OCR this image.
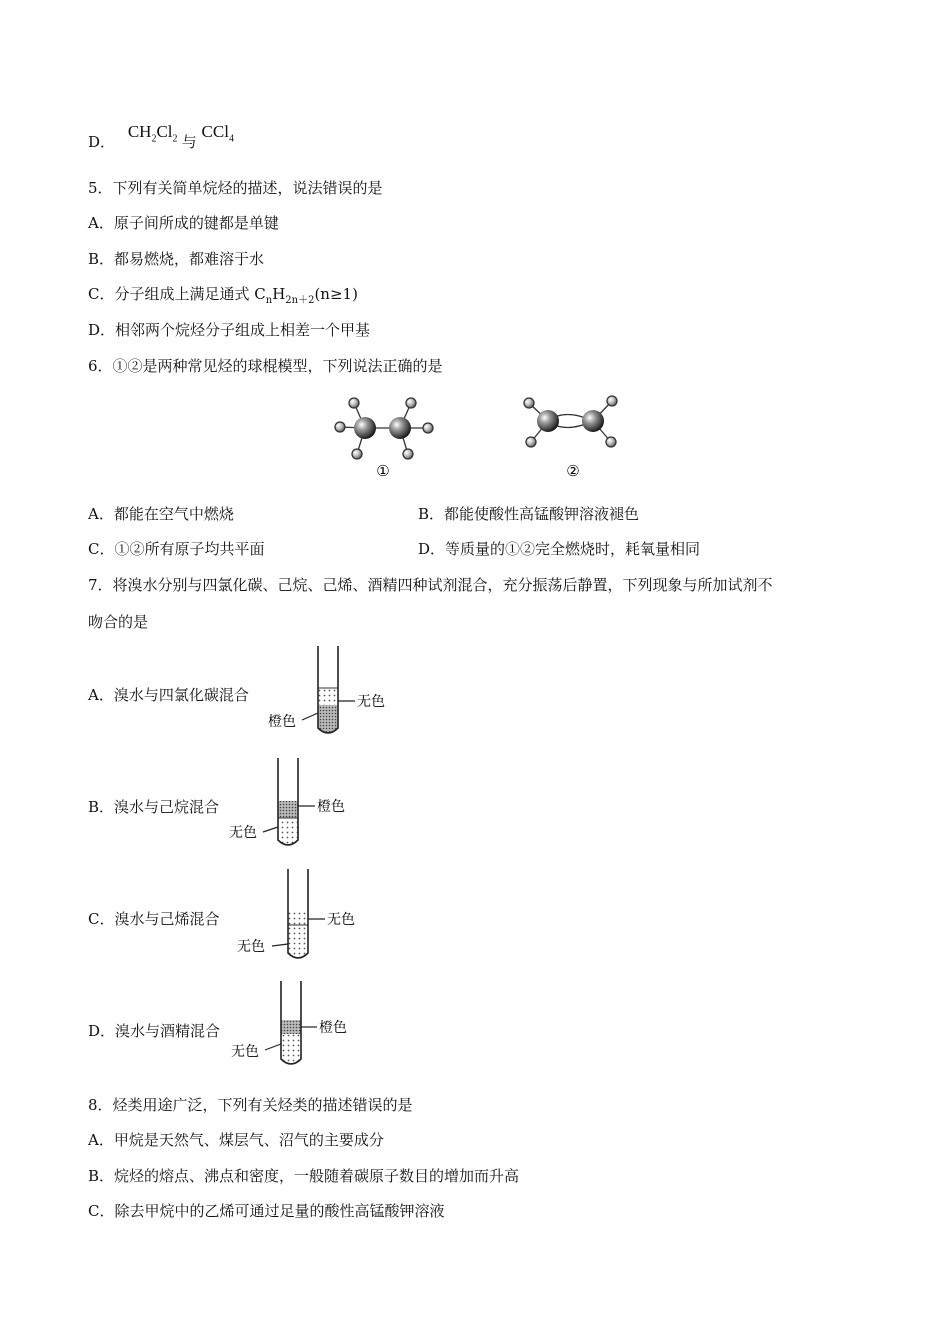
D． $CH_2Cl_2$ 与 CCl$_4$
5．下列有关简单烷烃的描述，说法错误的是
A．原子间所成的键都是单键
B．都易燃烧，都难溶于水
C．分子组成上满足通式 $C_nH_{2n+2}(n\ge 1)$
D．相邻两个烷烃分子组成上相差一个甲基
6．①②是两种常见烃的球棍模型，下列说法正确的是
①	②
A．都能在空气中燃烧	B．都能使酸性高锰酸钾溶液褪色
C．①②所有原子均共平面	D．等质量的①②完全燃烧时，耗氧量相同
7．将溴水分别与四氯化碳、己烷、己烯、酒精四种试剂混合，充分振荡后静置，下列现象与所加试剂不
吻合的是
A．溴水与四氯化碳混合	无色
橙色
B．溴水与己烷混合	橙色
无色
C．溴水与己烯混合	无色
无色
D．溴水与酒精混合	橙色
无色
8．烃类用途广泛，下列有关烃类的描述错误的是
A．甲烷是天然气、煤层气、沼气的主要成分
B．烷烃的熔点、沸点和密度，一般随着碳原子数目的增加而升高
C．除去甲烷中的乙烯可通过足量的酸性高锰酸钾溶液
